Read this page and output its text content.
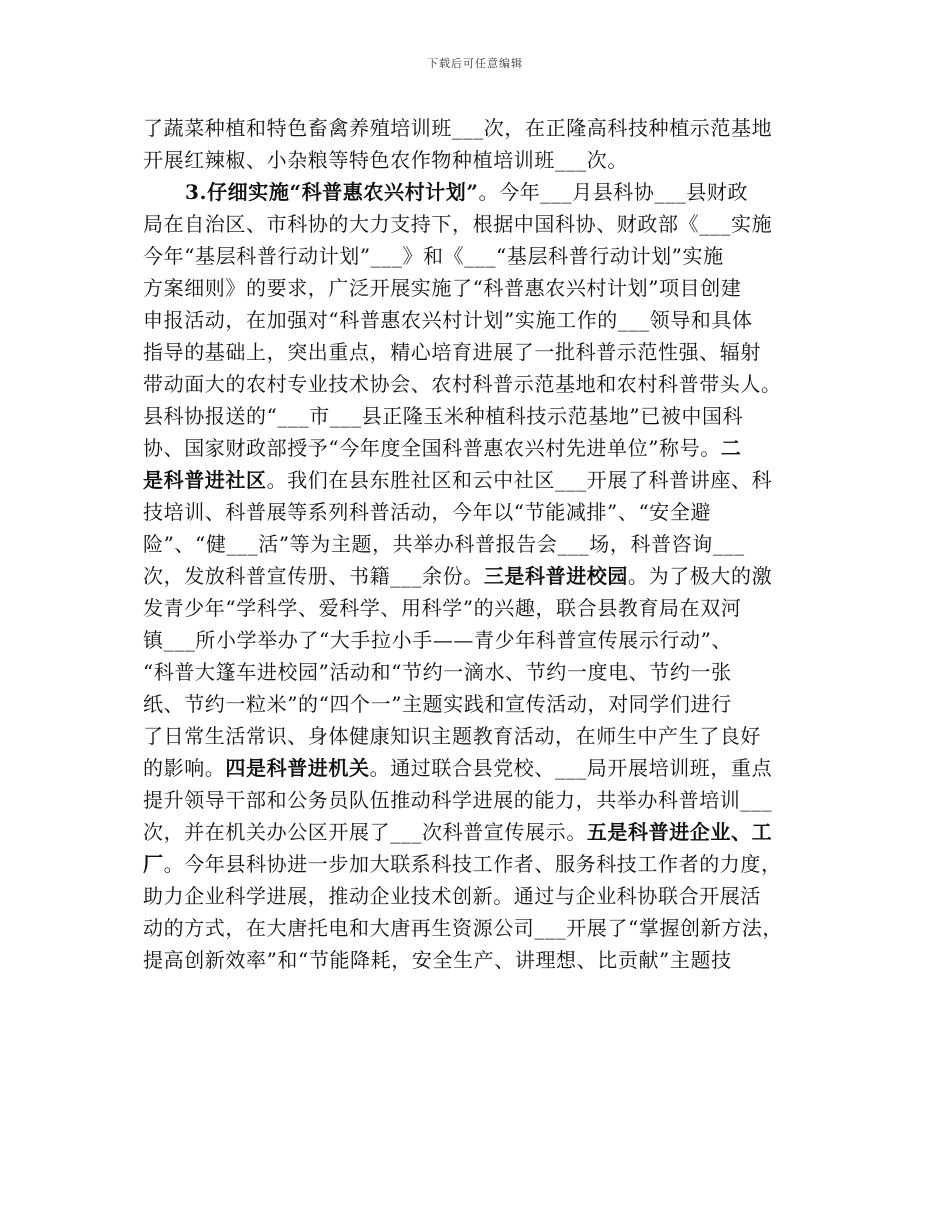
下载后可任意编辑
了蔬菜种植和特色畜禽养殖培训班___次，在正隆高科技种植示范基地
开展红辣椒、小杂粮等特色农作物种植培训班___次。
3.仔细实施“科普惠农兴村计划”。今年___月县科协___县财政
局在自治区、市科协的大力支持下，根据中国科协、财政部《___实施
今年“基层科普行动计划”___》和《___“基层科普行动计划”实施
方案细则》的要求，广泛开展实施了“科普惠农兴村计划”项目创建
申报活动，在加强对“科普惠农兴村计划”实施工作的___领导和具体
指导的基础上，突出重点，精心培育进展了一批科普示范性强、辐射
带动面大的农村专业技术协会、农村科普示范基地和农村科普带头人。
县科协报送的“___市___县正隆玉米种植科技示范基地”已被中国科
协、国家财政部授予“今年度全国科普惠农兴村先进单位”称号。二
是科普进社区。我们在县东胜社区和云中社区___开展了科普讲座、科
技培训、科普展等系列科普活动，今年以“节能减排”、“安全避
险”、“健___活”等为主题，共举办科普报告会___场，科普咨询___
次，发放科普宣传册、书籍___余份。三是科普进校园。为了极大的激
发青少年“学科学、爱科学、用科学”的兴趣，联合县教育局在双河
镇___所小学举办了“大手拉小手——青少年科普宣传展示行动”、
“科普大篷车进校园”活动和“节约一滴水、节约一度电、节约一张
纸、节约一粒米”的“四个一”主题实践和宣传活动，对同学们进行
了日常生活常识、身体健康知识主题教育活动，在师生中产生了良好
的影响。四是科普进机关。通过联合县党校、___局开展培训班，重点
提升领导干部和公务员队伍推动科学进展的能力，共举办科普培训___
次，并在机关办公区开展了___次科普宣传展示。五是科普进企业、工
厂。今年县科协进一步加大联系科技工作者、服务科技工作者的力度，
助力企业科学进展，推动企业技术创新。通过与企业科协联合开展活
动的方式，在大唐托电和大唐再生资源公司___开展了“掌握创新方法，
提高创新效率”和“节能降耗，安全生产、讲理想、比贡献”主题技
